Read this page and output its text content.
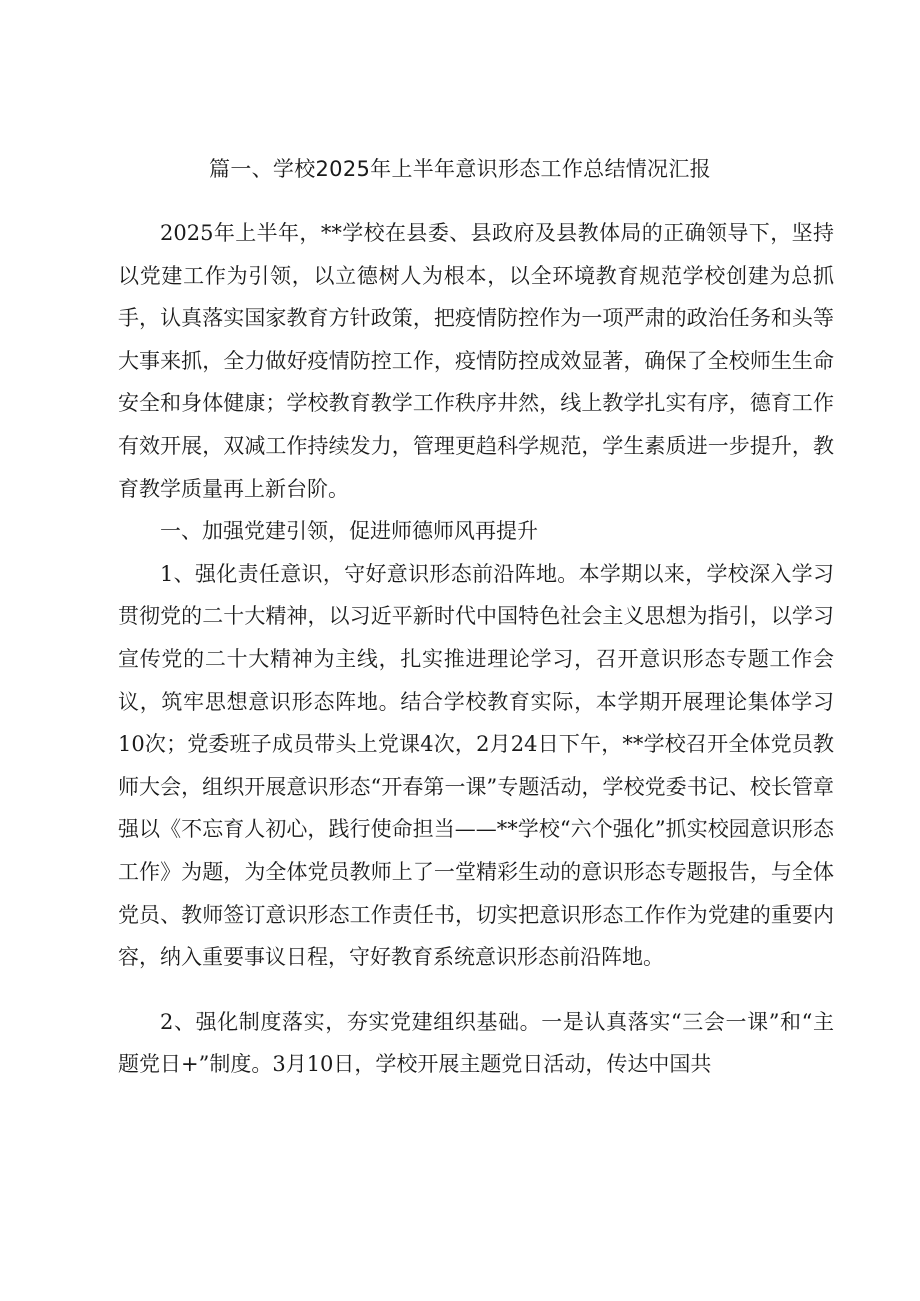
篇一、学校2025年上半年意识形态工作总结情况汇报

2025年上半年，**学校在县委、县政府及县教体局的正确领导下，坚持以党建工作为引领，以立德树人为根本，以全环境教育规范学校创建为总抓手，认真落实国家教育方针政策，把疫情防控作为一项严肃的政治任务和头等大事来抓，全力做好疫情防控工作，疫情防控成效显著，确保了全校师生生命安全和身体健康；学校教育教学工作秩序井然，线上教学扎实有序，德育工作有效开展，双减工作持续发力，管理更趋科学规范，学生素质进一步提升，教育教学质量再上新台阶。

一、加强党建引领，促进师德师风再提升

1、强化责任意识，守好意识形态前沿阵地。本学期以来，学校深入学习贯彻党的二十大精神，以习近平新时代中国特色社会主义思想为指引，以学习宣传党的二十大精神为主线，扎实推进理论学习，召开意识形态专题工作会议，筑牢思想意识形态阵地。结合学校教育实际，本学期开展理论集体学习10次；党委班子成员带头上党课4次，2月24日下午，**学校召开全体党员教师大会，组织开展意识形态“开春第一课”专题活动，学校党委书记、校长管章强以《不忘育人初心，践行使命担当——**学校“六个强化”抓实校园意识形态工作》为题，为全体党员教师上了一堂精彩生动的意识形态专题报告，与全体党员、教师签订意识形态工作责任书，切实把意识形态工作作为党建的重要内容，纳入重要事议日程，守好教育系统意识形态前沿阵地。

2、强化制度落实，夯实党建组织基础。一是认真落实“三会一课”和“主题党日+”制度。3月10日，学校开展主题党日活动，传达中国共
